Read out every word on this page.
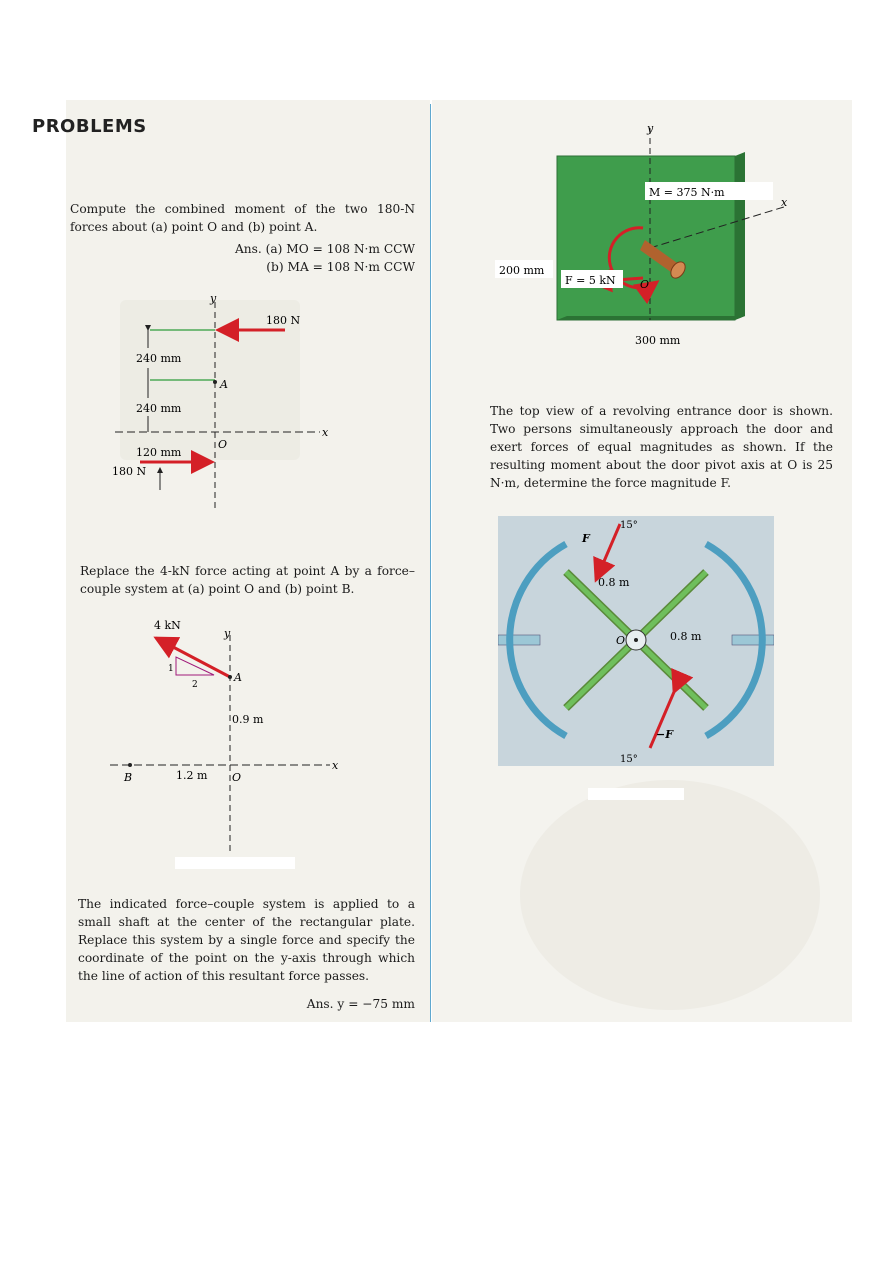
PROBLEMS
Compute the combined moment of the two 180-N forces about (a) point O and (b) point A.
Ans. (a) MO = 108 N·m CCW
(b) MA = 108 N·m CCW
y
x
240 mm
240 mm
120 mm
180 N
A
O
180 N
Replace the 4-kN force acting at point A by a force–couple system at (a) point O and (b) point B.
y
x
4 kN
1
2
A
0.9 m
B	1.2 m O
The indicated force–couple system is applied to a small shaft at the center of the rectangular plate. Replace this system by a single force and specify the coordinate of the point on the y-axis through which the line of action of this resultant force passes.
Ans. y = −75 mm
y
x
M = 375 N·m
O
F = 5 kN
200 mm
300 mm
The top view of a revolving entrance door is shown. Two persons simultaneously approach the door and exert forces of equal magnitudes as shown. If the resulting moment about the door pivot axis at O is 25 N·m, determine the force magnitude F.
O
F
15°
0.8 m
0.8 m
−F
15°
